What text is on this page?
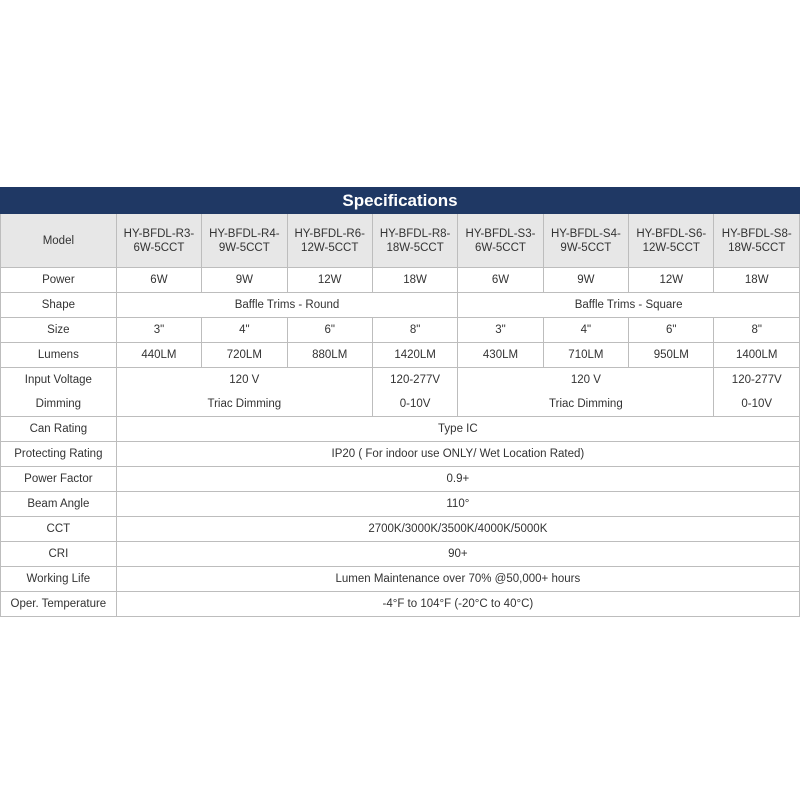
Specifications								
Model	HY-BFDL-R3-6W-5CCT	HY-BFDL-R4-9W-5CCT	HY-BFDL-R6-12W-5CCT	HY-BFDL-R8-18W-5CCT	HY-BFDL-S3-6W-5CCT	HY-BFDL-S4-9W-5CCT	HY-BFDL-S6-12W-5CCT	HY-BFDL-S8-18W-5CCT
Power	6W	9W	12W	18W	6W	9W	12W	18W
Shape	Baffle Trims - Round				Baffle Trims - Square			
Size	3"	4"	6"	8"	3"	4"	6"	8"
Lumens	440LM	720LM	880LM	1420LM	430LM	710LM	950LM	1400LM
Input Voltage	120 V			120-277V	120 V			120-277V
Dimming	Triac Dimming			0-10V	Triac Dimming			0-10V
Can Rating	Type IC							
Protecting Rating	IP20 ( For indoor use ONLY/ Wet Location Rated)							
Power Factor	0.9+							
Beam Angle	110°							
CCT	2700K/3000K/3500K/4000K/5000K							
CRI	90+							
Working Life	Lumen Maintenance over 70% @50,000+ hours							
Oper. Temperature	-4°F to 104°F (-20°C to 40°C)							
